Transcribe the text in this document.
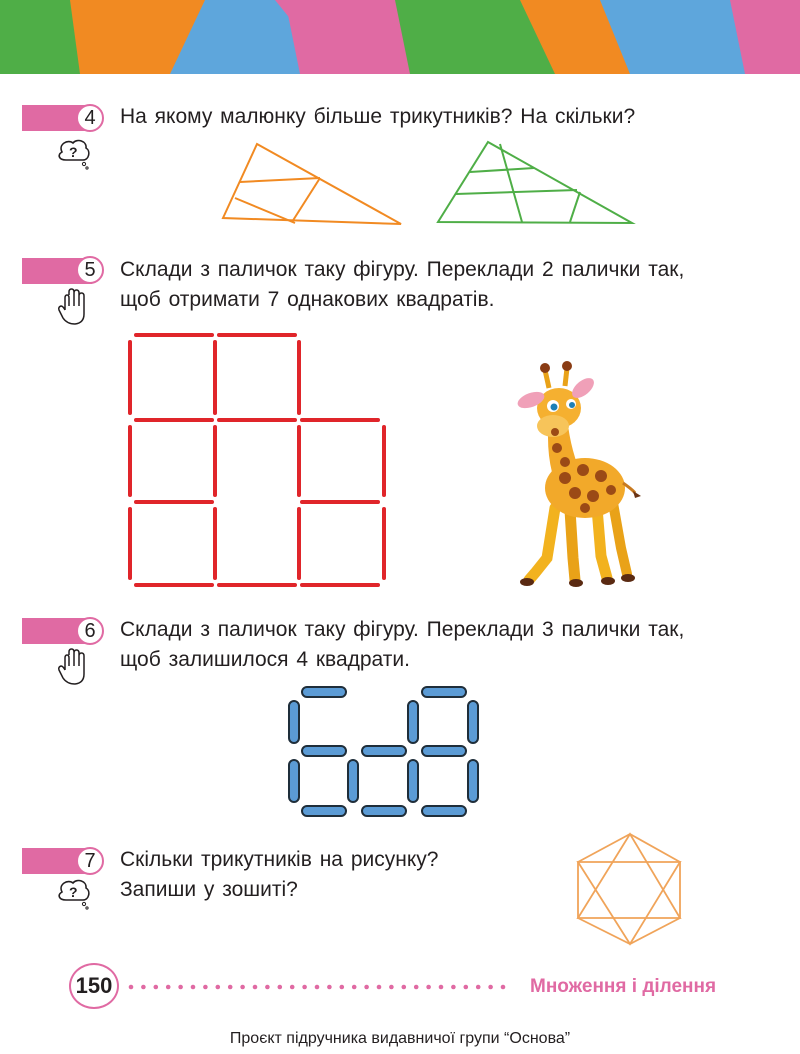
4	На якому малюнку більше трикутників? На скільки?
?
5	Склади з паличок таку фігуру. Переклади 2 палички так,
щоб отримати 7 однакових квадратів.
6	Склади з паличок таку фігуру. Переклади 3 палички так,
щоб залишилося 4 квадрати.
7	Скільки трикутників на рисунку?
Запиши у зошиті?
?
150	Множення і ділення
Проєкт підручника видавничої групи “Основа”
